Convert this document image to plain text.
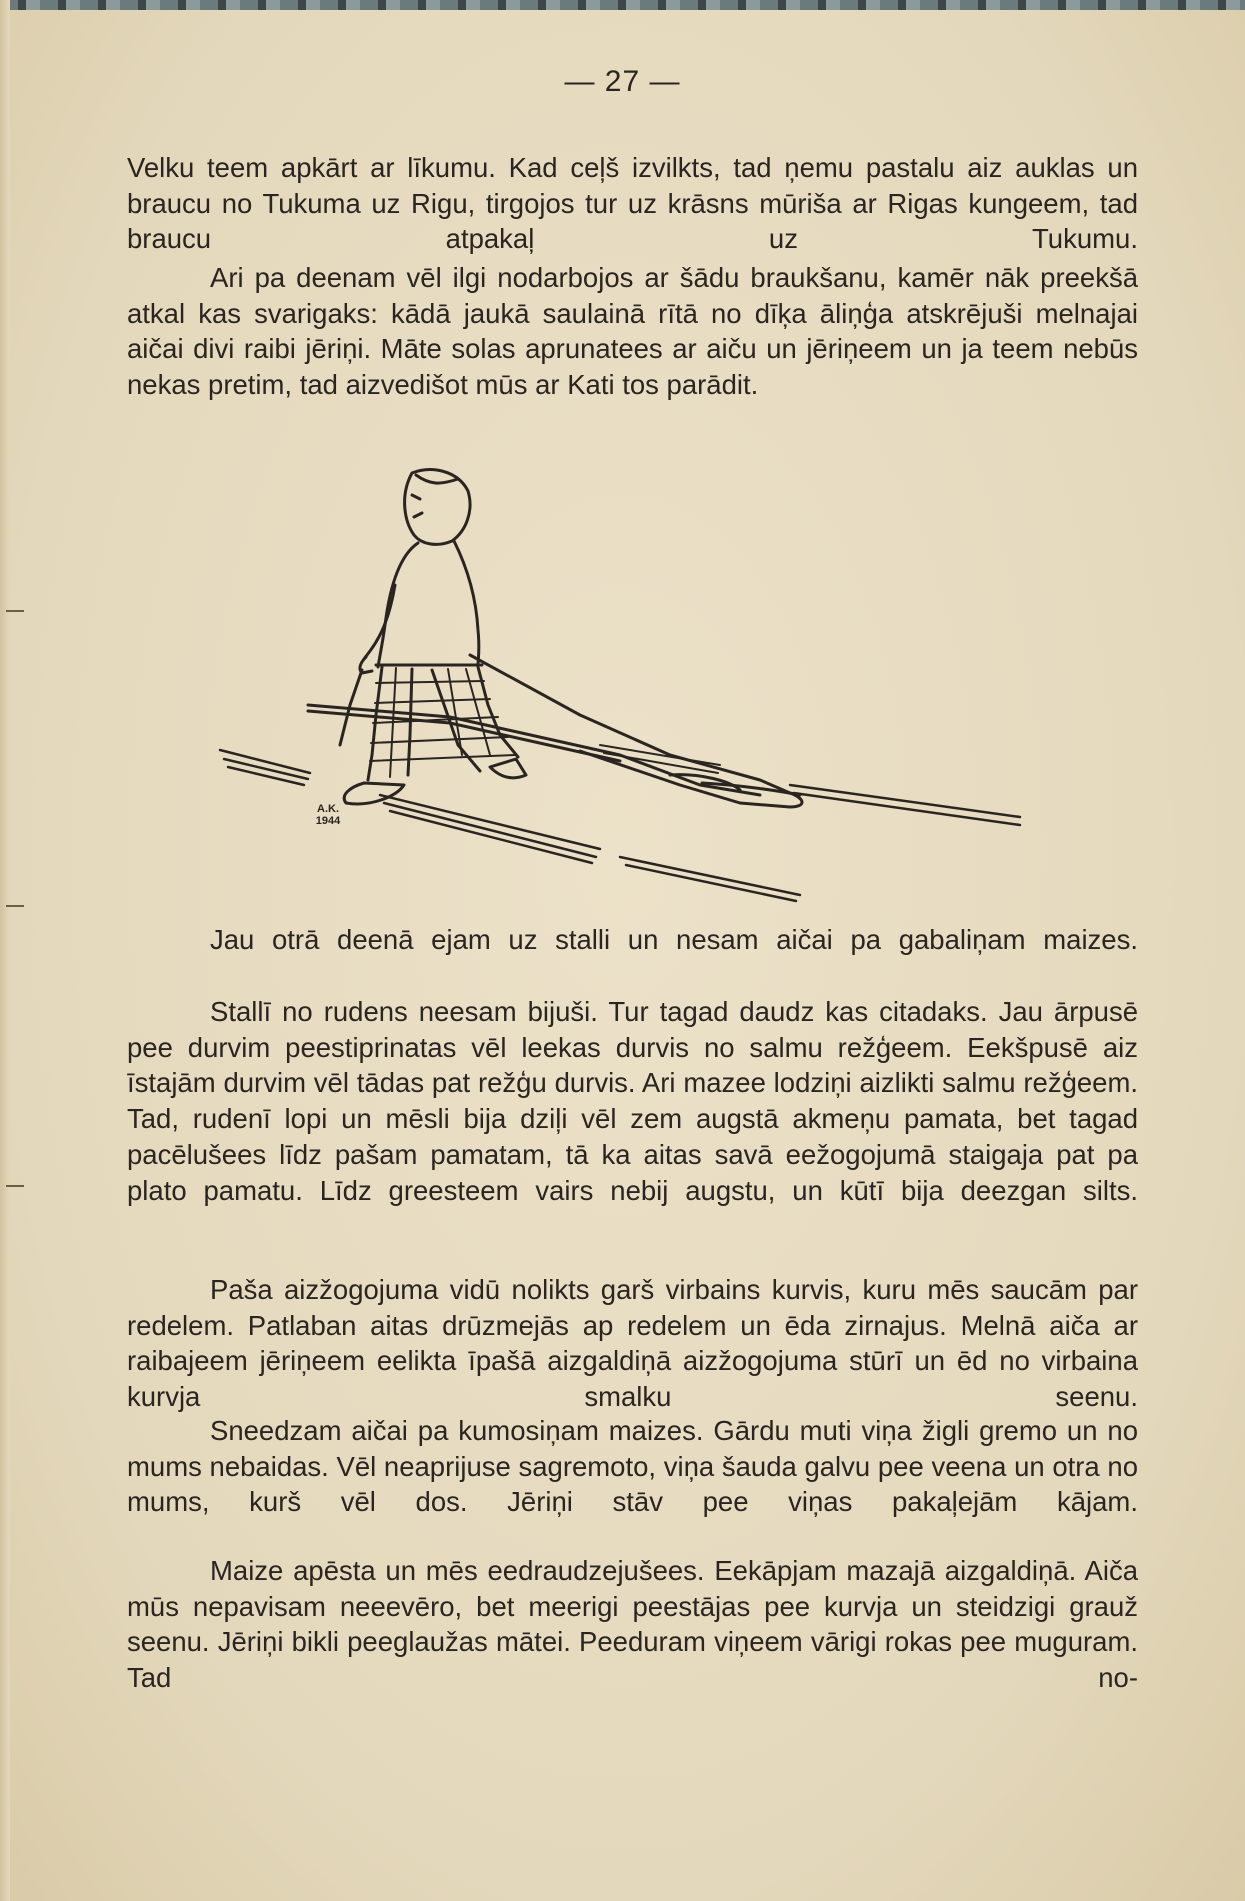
— 27 —
Velku teem apkārt ar līkumu. Kad ceļš izvilkts, tad ņemu pastalu aiz auklas un braucu no Tukuma uz Rigu, tirgojos tur uz krāsns mūriša ar Rigas kungeem, tad braucu atpakaļ uz Tukumu.
Ari pa deenam vēl ilgi nodarbojos ar šādu braukšanu, kamēr nāk preekšā atkal kas svarigaks: kādā jaukā saulainā rītā no dīķa āliņģa atskrējuši melnajai aičai divi raibi jēriņi. Māte solas aprunatees ar aiču un jēriņeem un ja teem nebūs nekas pretim, tad aizvedišot mūs ar Kati tos parādit.
A.K. 1944
Jau otrā deenā ejam uz stalli un nesam aičai pa gabaliņam maizes.
Stallī no rudens neesam bijuši. Tur tagad daudz kas citadaks. Jau ārpusē pee durvim peestiprinatas vēl leekas durvis no salmu režģeem. Eekšpusē aiz īstajām durvim vēl tādas pat režģu durvis. Ari mazee lodziņi aizlikti salmu režģeem. Tad, rudenī lopi un mēsli bija dziļi vēl zem augstā akmeņu pamata, bet tagad pacēlušees līdz pašam pamatam, tā ka aitas savā eežogojumā staigaja pat pa plato pamatu. Līdz greesteem vairs nebij augstu, un kūtī bija deezgan silts.
Paša aizžogojuma vidū nolikts garš virbains kurvis, kuru mēs saucām par redelem. Patlaban aitas drūzmejās ap redelem un ēda zirnajus. Melnā aiča ar raibajeem jēriņeem eelikta īpašā aizgaldiņā aizžogojuma stūrī un ēd no virbaina kurvja smalku seenu.
Sneedzam aičai pa kumosiņam maizes. Gārdu muti viņa žigli gremo un no mums nebaidas. Vēl neaprijuse sagremoto, viņa šauda galvu pee veena un otra no mums, kurš vēl dos. Jēriņi stāv pee viņas pakaļejām kājam.
Maize apēsta un mēs eedraudzejušees. Eekāpjam mazajā aizgaldiņā. Aiča mūs nepavisam neeevēro, bet meerigi peestājas pee kurvja un steidzigi grauž seenu. Jēriņi bikli peeglaužas mātei. Peeduram viņeem vārigi rokas pee muguram. Tad no-
